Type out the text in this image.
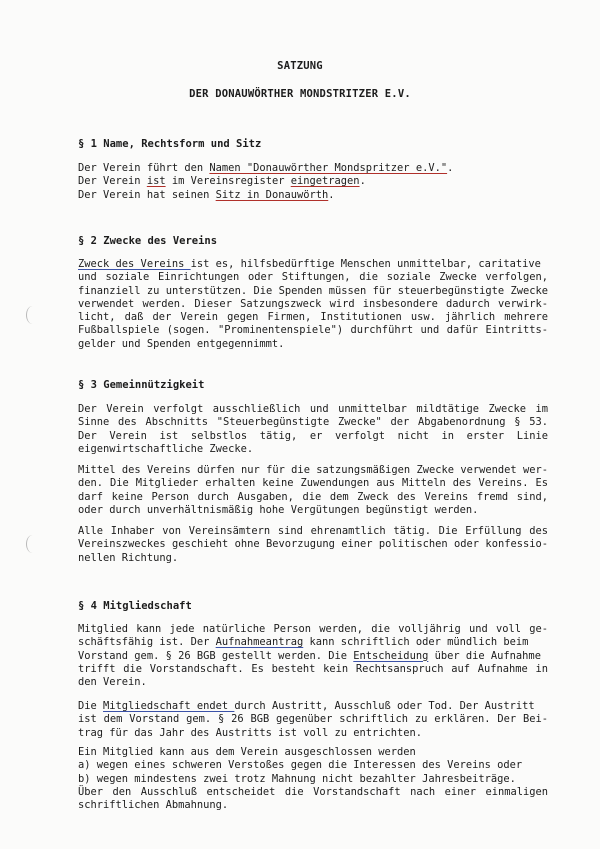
SATZUNG
DER DONAUWÖRTHER MONDSTRITZER E.V.
§ 1 Name, Rechtsform und Sitz
Der Verein führt den Namen "Donauwörther Mondspritzer e.V.".
Der Verein ist im Vereinsregister eingetragen.
Der Verein hat seinen Sitz in Donauwörth.
§ 2 Zwecke des Vereins
Zweck des Vereins ist es, hilfsbedürftige Menschen unmittelbar, caritative
und soziale Einrichtungen oder Stiftungen, die soziale Zwecke verfolgen,
finanziell zu unterstützen. Die Spenden müssen für steuerbegünstigte Zwecke
verwendet werden. Dieser Satzungszweck wird insbesondere dadurch verwirk-
licht, daß der Verein gegen Firmen, Institutionen usw. jährlich mehrere
Fußballspiele (sogen. "Prominentenspiele") durchführt und dafür Eintritts-
gelder und Spenden entgegennimmt.
§ 3 Gemeinnützigkeit
Der Verein verfolgt ausschließlich und unmittelbar mildtätige Zwecke im
Sinne des Abschnitts "Steuerbegünstigte Zwecke" der Abgabenordnung § 53.
Der Verein ist selbstlos tätig, er verfolgt nicht in erster Linie
eigenwirtschaftliche Zwecke.
Mittel des Vereins dürfen nur für die satzungsmäßigen Zwecke verwendet wer-
den. Die Mitglieder erhalten keine Zuwendungen aus Mitteln des Vereins. Es
darf keine Person durch Ausgaben, die dem Zweck des Vereins fremd sind,
oder durch unverhältnismäßig hohe Vergütungen begünstigt werden.
Alle Inhaber von Vereinsämtern sind ehrenamtlich tätig. Die Erfüllung des
Vereinszweckes geschieht ohne Bevorzugung einer politischen oder konfessio-
nellen Richtung.
§ 4 Mitgliedschaft
Mitglied kann jede natürliche Person werden, die volljährig und voll ge-
schäftsfähig ist. Der Aufnahmeantrag kann schriftlich oder mündlich beim
Vorstand gem. § 26 BGB gestellt werden. Die Entscheidung über die Aufnahme
trifft die Vorstandschaft. Es besteht kein Rechtsanspruch auf Aufnahme in
den Verein.
Die Mitgliedschaft endet durch Austritt, Ausschluß oder Tod. Der Austritt
ist dem Vorstand gem. § 26 BGB gegenüber schriftlich zu erklären. Der Bei-
trag für das Jahr des Austritts ist voll zu entrichten.
Ein Mitglied kann aus dem Verein ausgeschlossen werden
a) wegen eines schweren Verstoßes gegen die Interessen des Vereins oder
b) wegen mindestens zwei trotz Mahnung nicht bezahlter Jahresbeiträge.
Über den Ausschluß entscheidet die Vorstandschaft nach einer einmaligen
schriftlichen Abmahnung.
